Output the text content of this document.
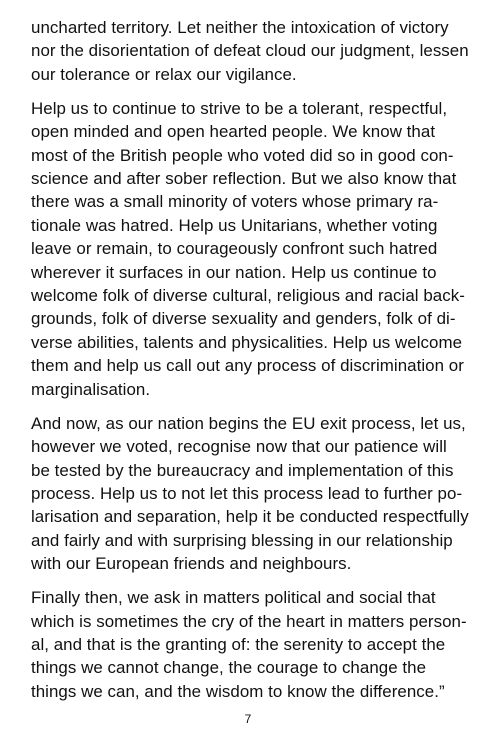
uncharted territory. Let neither the intoxication of victory
nor the disorientation of defeat cloud our judgment, lessen
our tolerance or relax our vigilance.

Help us to continue to strive to be a tolerant, respectful,
open minded and open hearted people. We know that
most of the British people who voted did so in good con-
science and after sober reflection. But we also know that
there was a small minority of voters whose primary ra-
tionale was hatred. Help us Unitarians, whether voting
leave or remain, to courageously confront such hatred
wherever it surfaces in our nation. Help us continue to
welcome folk of diverse cultural, religious and racial back-
grounds, folk of diverse sexuality and genders, folk of di-
verse abilities, talents and physicalities. Help us welcome
them and help us call out any process of discrimination or
marginalisation.

And now, as our nation begins the EU exit process, let us,
however we voted, recognise now that our patience will
be tested by the bureaucracy and implementation of this
process. Help us to not let this process lead to further po-
larisation and separation, help it be conducted respectfully
and fairly and with surprising blessing in our relationship
with our European friends and neighbours.

Finally then, we ask in matters political and social that
which is sometimes the cry of the heart in matters person-
al, and that is the granting of: the serenity to accept the
things we cannot change, the courage to change the
things we can, and the wisdom to know the difference.”

7
